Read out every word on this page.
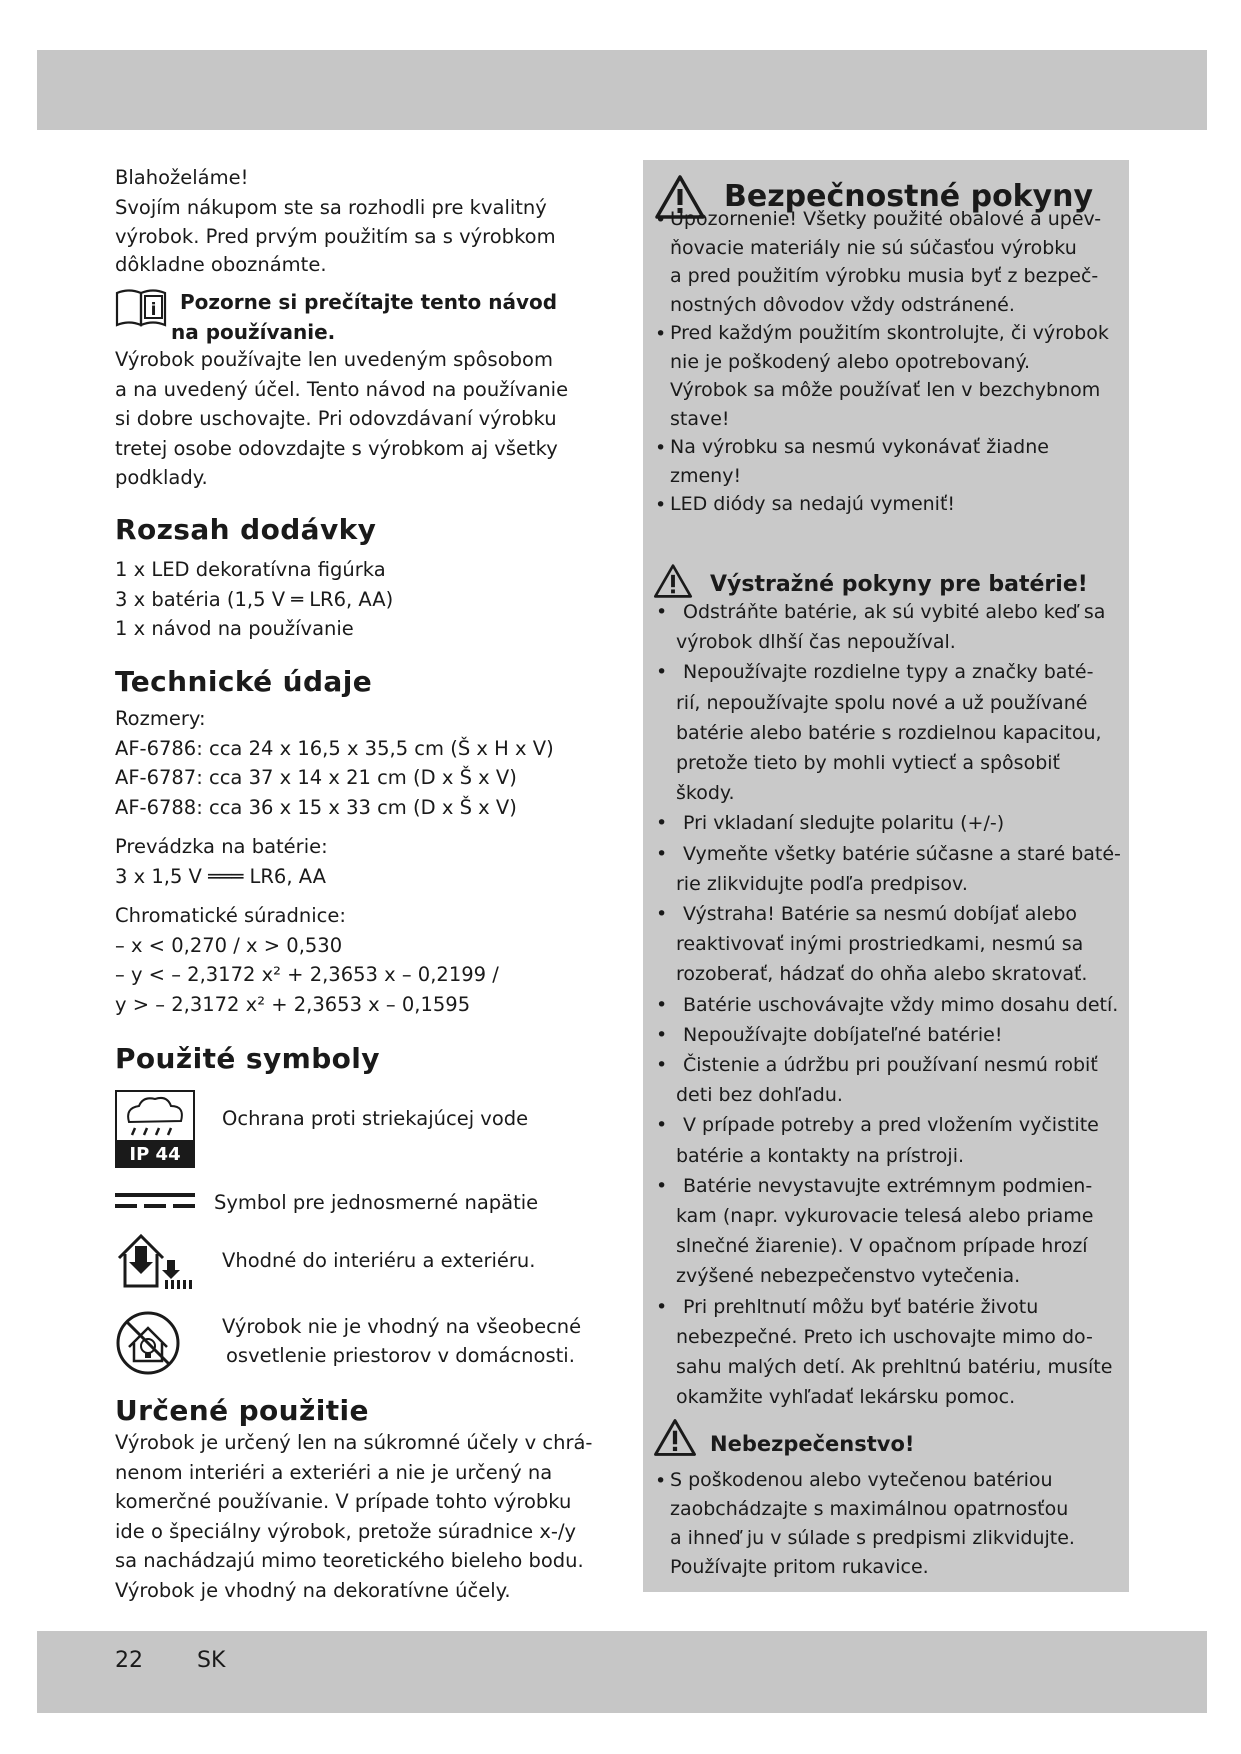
22 SK

Blahoželáme!

Svojím nákupom ste sa rozhodli pre kvalitný

výrobok. Pred prvým použitím sa s výrobkom

dôkladne oboznámte.

i	Pozorne si prečítajte tento návod
na používanie.

Výrobok používajte len uvedeným spôsobom

a na uvedený účel. Tento návod na používanie

si dobre uschovajte. Pri odovzdávaní výrobku

tretej osobe odovzdajte s výrobkom aj všetky

podklady.

Rozsah dodávky

1 x LED dekoratívna figúrka

3 x batéria (1,5 V ═ LR6, AA)

1 x návod na používanie

Technické údaje

Rozmery:

AF-6786: cca 24 x 16,5 x 35,5 cm (Š x H x V)

AF-6787: cca 37 x 14 x 21 cm (D x Š x V)

AF-6788: cca 36 x 15 x 33 cm (D x Š x V)

Prevádzka na batérie:

3 x 1,5 V ═══ LR6, AA

Chromatické súradnice:

– x < 0,270 / x > 0,530

– y < – 2,3172 x² + 2,3653 x – 0,2199 /

y > – 2,3172 x² + 2,3653 x – 0,1595

Použité symboly
IP 44
Ochrana proti striekajúcej vode
Symbol pre jednosmerné napätie
Vhodné do interiéru a exteriéru.
Výrobok nie je vhodný na všeobecné
osvetlenie priestorov v domácnosti.
Určené použitie

Výrobok je určený len na súkromné účely v chrá-

nenom interiéri a exteriéri a nie je určený na

komerčné používanie. V prípade tohto výrobku

ide o špeciálny výrobok, pretože súradnice x-/y

sa nachádzajú mimo teoretického bieleho bodu.

Výrobok je vhodný na dekoratívne účely.

Bezpečnostné pokyny
• Upozornenie! Všetky použité obalové a upev-
ňovacie materiály nie sú súčasťou výrobku
a pred použitím výrobku musia byť z bezpeč-
nostných dôvodov vždy odstránené.
• Pred každým použitím skontrolujte, či výrobok
nie je poškodený alebo opotrebovaný.
Výrobok sa môže používať len v bezchybnom
stave!
• Na výrobku sa nesmú vykonávať žiadne
zmeny!
• LED diódy sa nedajú vymeniť!
Výstražné pokyny pre batérie!
• Odstráňte batérie, ak sú vybité alebo keď sa
výrobok dlhší čas nepoužíval.
• Nepoužívajte rozdielne typy a značky baté-
rií, nepoužívajte spolu nové a už používané
batérie alebo batérie s rozdielnou kapacitou,
pretože tieto by mohli vytiecť a spôsobiť
škody.
• Pri vkladaní sledujte polaritu (+/-)
• Vymeňte všetky batérie súčasne a staré baté-
rie zlikvidujte podľa predpisov.
• Výstraha! Batérie sa nesmú dobíjať alebo
reaktivovať inými prostriedkami, nesmú sa
rozoberať, hádzať do ohňa alebo skratovať.
• Batérie uschovávajte vždy mimo dosahu detí.
• Nepoužívajte dobíjateľné batérie!
• Čistenie a údržbu pri používaní nesmú robiť
deti bez dohľadu.
• V prípade potreby a pred vložením vyčistite
batérie a kontakty na prístroji.
• Batérie nevystavujte extrémnym podmien-
kam (napr. vykurovacie telesá alebo priame
slnečné žiarenie). V opačnom prípade hrozí
zvýšené nebezpečenstvo vytečenia.
• Pri prehltnutí môžu byť batérie životu
nebezpečné. Preto ich uschovajte mimo do-
sahu malých detí. Ak prehltnú batériu, musíte
okamžite vyhľadať lekársku pomoc.
Nebezpečenstvo!
• S poškodenou alebo vytečenou batériou
zaobchádzajte s maximálnou opatrnosťou
a ihneď ju v súlade s predpismi zlikvidujte.
Používajte pritom rukavice.
